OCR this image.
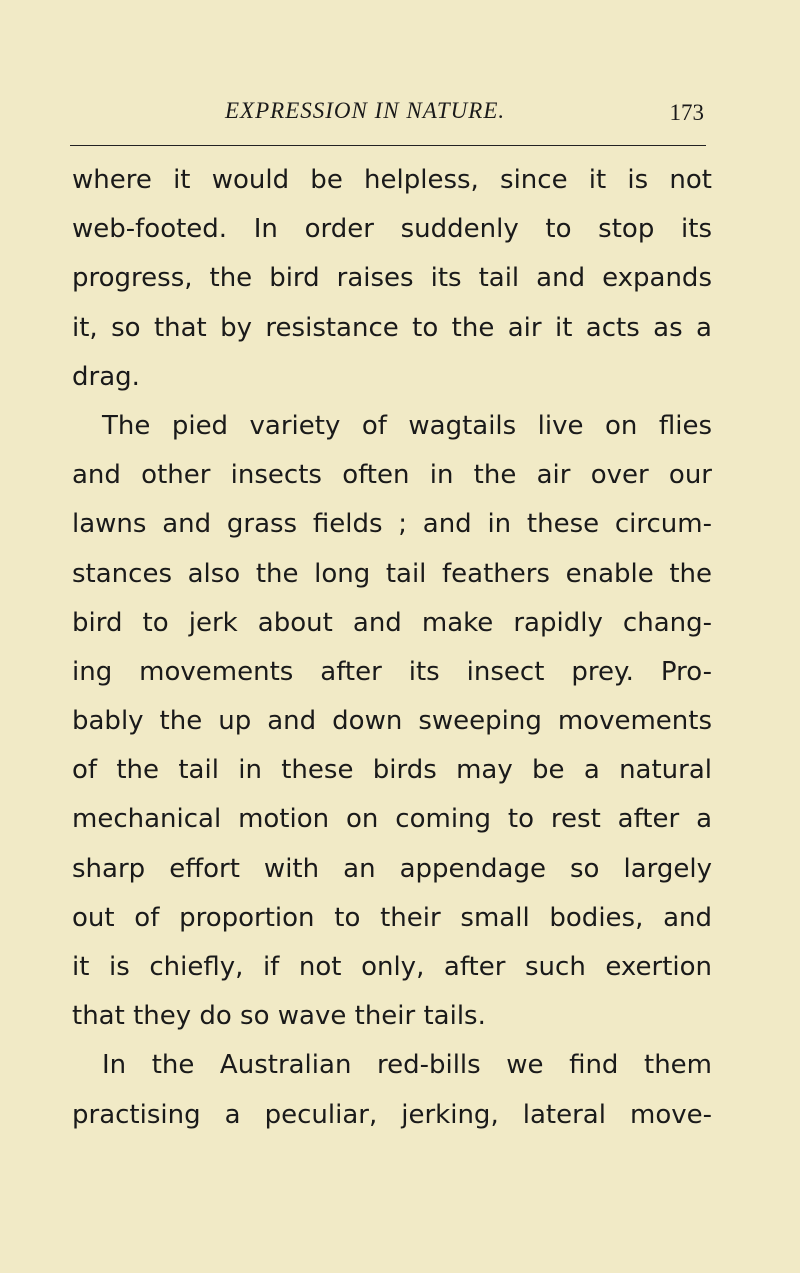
EXPRESSION IN NATURE.	173
where it would be helpless, since it is not
web-footed. In order suddenly to stop its
progress, the bird raises its tail and expands
it, so that by resistance to the air it acts as a
drag.
The pied variety of wagtails live on flies
and other insects often in the air over our
lawns and grass fields ; and in these circum-
stances also the long tail feathers enable the
bird to jerk about and make rapidly chang-
ing movements after its insect prey. Pro-
bably the up and down sweeping movements
of the tail in these birds may be a natural
mechanical motion on coming to rest after a
sharp effort with an appendage so largely
out of proportion to their small bodies, and
it is chiefly, if not only, after such exertion
that they do so wave their tails.
In the Australian red-bills we find them
practising a peculiar, jerking, lateral move-
